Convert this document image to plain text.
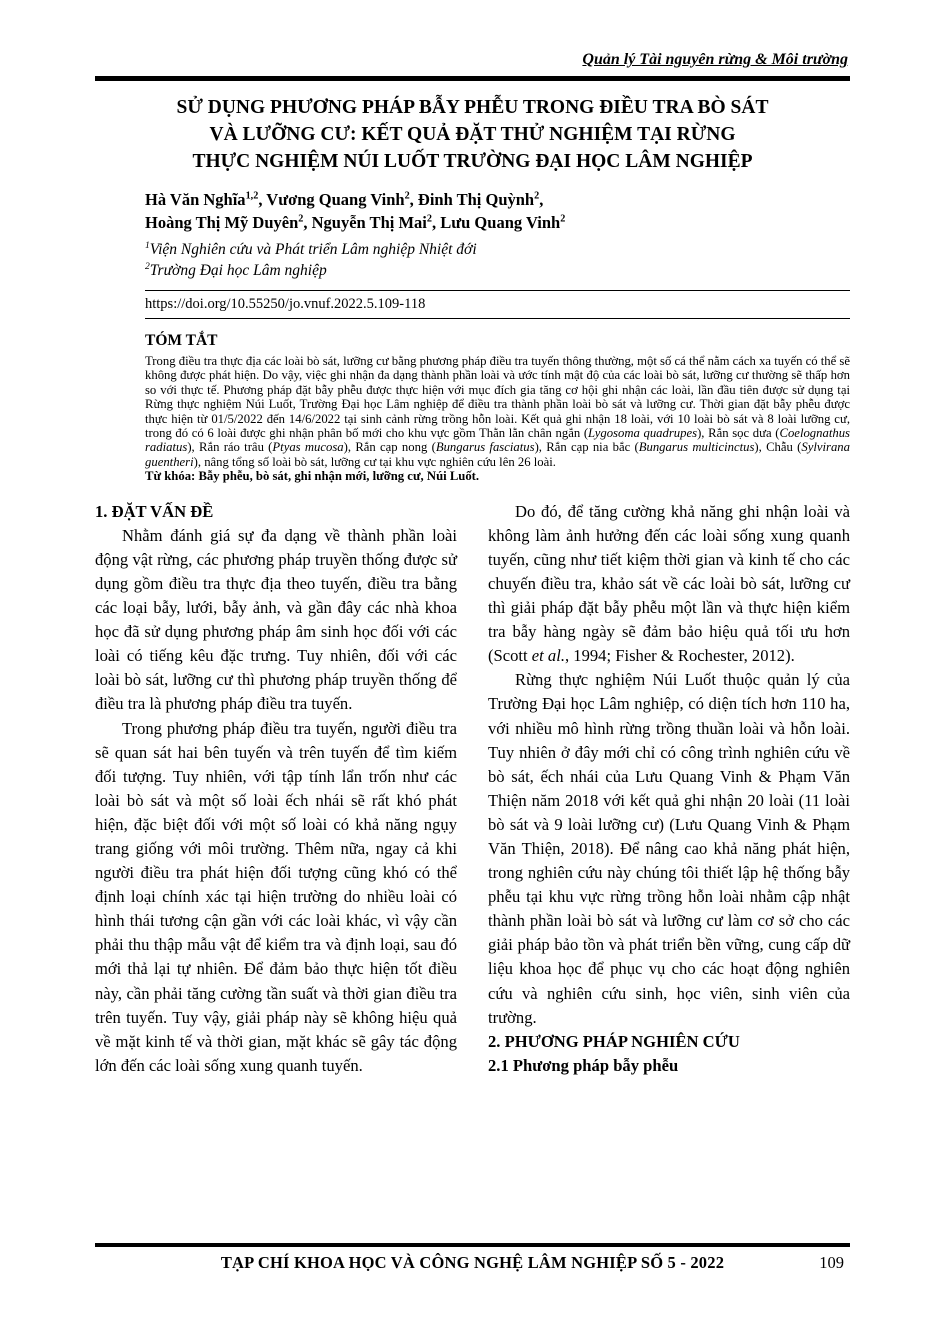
Quản lý Tài nguyên rừng & Môi trường
SỬ DỤNG PHƯƠNG PHÁP BẪY PHỄU TRONG ĐIỀU TRA BÒ SÁT
VÀ LƯỠNG CƯ: KẾT QUẢ ĐẶT THỬ NGHIỆM TẠI RỪNG
THỰC NGHIỆM NÚI LUỐT TRƯỜNG ĐẠI HỌC LÂM NGHIỆP
Hà Văn Nghĩa$^{1,2}$, Vương Quang Vinh$^2$, Đinh Thị Quỳnh$^2$,
Hoàng Thị Mỹ Duyên$^2$, Nguyễn Thị Mai$^2$, Lưu Quang Vinh$^2$
$^1$Viện Nghiên cứu và Phát triển Lâm nghiệp Nhiệt đới
$^2$Trường Đại học Lâm nghiệp
https://doi.org/10.55250/jo.vnuf.2022.5.109-118
TÓM TẮT
Trong điều tra thực địa các loài bò sát, lưỡng cư bằng phương pháp điều tra tuyến thông thường, một số cá thể nằm cách xa tuyến có thể sẽ không được phát hiện. Do vậy, việc ghi nhận đa dạng thành phần loài và ước tính mật độ của các loài bò sát, lưỡng cư thường sẽ thấp hơn so với thực tế. Phương pháp đặt bẫy phễu được thực hiện với mục đích gia tăng cơ hội ghi nhận các loài, lần đầu tiên được sử dụng tại Rừng thực nghiệm Núi Luốt, Trường Đại học Lâm nghiệp để điều tra thành phần loài bò sát và lưỡng cư. Thời gian đặt bẫy phễu được thực hiện từ 01/5/2022 đến 14/6/2022 tại sinh cảnh rừng trồng hỗn loài. Kết quả ghi nhận 18 loài, với 10 loài bò sát và 8 loài lưỡng cư, trong đó có 6 loài được ghi nhận phân bố mới cho khu vực gồm Thằn lằn chân ngắn (Lygosoma quadrupes), Rắn sọc dưa (Coelognathus radiatus), Rắn ráo trâu (Ptyas mucosa), Rắn cạp nong (Bungarus fasciatus), Rắn cạp nia bắc (Bungarus multicinctus), Chẫu (Sylvirana guentheri), nâng tổng số loài bò sát, lưỡng cư tại khu vực nghiên cứu lên 26 loài.
Từ khóa: Bẫy phễu, bò sát, ghi nhận mới, lưỡng cư, Núi Luốt.
1. ĐẶT VẤN ĐỀ

Nhằm đánh giá sự đa dạng về thành phần loài động vật rừng, các phương pháp truyền thống được sử dụng gồm điều tra thực địa theo tuyến, điều tra bằng các loại bẫy, lưới, bẫy ảnh, và gần đây các nhà khoa học đã sử dụng phương pháp âm sinh học đối với các loài có tiếng kêu đặc trưng. Tuy nhiên, đối với các loài bò sát, lưỡng cư thì phương pháp truyền thống để điều tra là phương pháp điều tra tuyến.

Trong phương pháp điều tra tuyến, người điều tra sẽ quan sát hai bên tuyến và trên tuyến để tìm kiếm đối tượng. Tuy nhiên, với tập tính lẩn trốn như các loài bò sát và một số loài ếch nhái sẽ rất khó phát hiện, đặc biệt đối với một số loài có khả năng ngụy trang giống với môi trường. Thêm nữa, ngay cả khi người điều tra phát hiện đối tượng cũng khó có thể định loại chính xác tại hiện trường do nhiều loài có hình thái tương cận gần với các loài khác, vì vậy cần phải thu thập mẫu vật để kiểm tra và định loại, sau đó mới thả lại tự nhiên. Để đảm bảo thực hiện tốt điều này, cần phải tăng cường tần suất và thời gian điều tra trên tuyến. Tuy vậy, giải pháp này sẽ không hiệu quả về mặt kinh tế và thời gian, mặt khác sẽ gây tác động lớn đến các loài sống xung quanh tuyến.

Do đó, để tăng cường khả năng ghi nhận loài và không làm ảnh hưởng đến các loài sống xung quanh tuyến, cũng như tiết kiệm thời gian và kinh tế cho các chuyến điều tra, khảo sát về các loài bò sát, lưỡng cư thì giải pháp đặt bẫy phễu một lần và thực hiện kiểm tra bẫy hàng ngày sẽ đảm bảo hiệu quả tối ưu hơn (Scott et al., 1994; Fisher & Rochester, 2012).

Rừng thực nghiệm Núi Luốt thuộc quản lý của Trường Đại học Lâm nghiệp, có diện tích hơn 110 ha, với nhiều mô hình rừng trồng thuần loài và hỗn loài. Tuy nhiên ở đây mới chỉ có công trình nghiên cứu về bò sát, ếch nhái của Lưu Quang Vinh & Phạm Văn Thiện năm 2018 với kết quả ghi nhận 20 loài (11 loài bò sát và 9 loài lưỡng cư) (Lưu Quang Vinh & Phạm Văn Thiện, 2018). Để nâng cao khả năng phát hiện, trong nghiên cứu này chúng tôi thiết lập hệ thống bẫy phễu tại khu vực rừng trồng hỗn loài nhằm cập nhật thành phần loài bò sát và lưỡng cư làm cơ sở cho các giải pháp bảo tồn và phát triển bền vững, cung cấp dữ liệu khoa học để phục vụ cho các hoạt động nghiên cứu và nghiên cứu sinh, học viên, sinh viên của trường.

2. PHƯƠNG PHÁP NGHIÊN CỨU
2.1 Phương pháp bẫy phễu
TẠP CHÍ KHOA HỌC VÀ CÔNG NGHỆ LÂM NGHIỆP SỐ 5 - 2022	109
